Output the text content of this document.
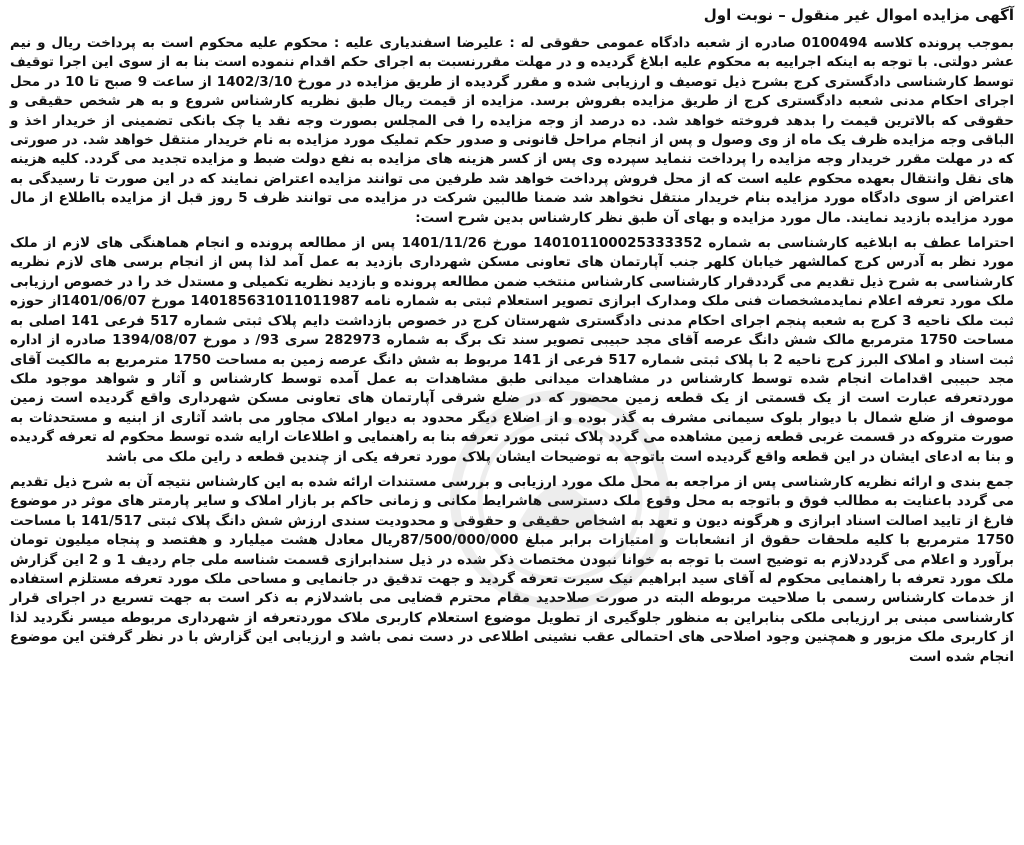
آگهی مزایده اموال غیر منقول – نوبت اول

بموجب پرونده کلاسه 0100494 صادره از شعبه دادگاه عمومی حقوقی له : علیرضا اسفندیاری علیه : محکوم علیه محکوم است به پرداخت ریال و نیم عشر دولتی. با توجه به اینکه اجراییه به محکوم علیه ابلاغ گردیده و در مهلت مقررنسبت به اجرای حکم اقدام ننموده است بنا به از سوی این اجرا توقیف توسط کارشناسی دادگستری کرج بشرح ذیل توصیف و ارزیابی شده و مقرر گردیده از طریق مزایده در مورخ 1402/3/10 از ساعت 9 صبح تا 10 در محل اجرای احکام مدنی شعبه دادگستری کرج از طریق مزایده بفروش برسد. مزایده از قیمت ریال طبق نظریه کارشناس شروع و به هر شخص حقیقی و حقوقی که بالاترین قیمت را بدهد فروخته خواهد شد. ده درصد از وجه مزایده را فی المجلس بصورت وجه نقد یا چک بانکی تضمینی از خریدار اخذ و الباقی وجه مزایده ظرف یک ماه از وی وصول و پس از انجام مراحل قانونی و صدور حکم تملیک مورد مزایده به نام خریدار منتقل خواهد شد. در صورتی که در مهلت مقرر خریدار وجه مزایده را پرداخت ننماید سپرده وی پس از کسر هزینه های مزایده به نفع دولت ضبط و مزایده تجدید می گردد. کلیه هزینه های نقل وانتقال بعهده محکوم علیه است که از محل فروش پرداخت خواهد شد طرفین می توانند مزایده اعتراض نمایند که در این صورت تا رسیدگی به اعتراض از سوی دادگاه مورد مزایده بنام خریدار منتقل نخواهد شد ضمنا طالبین شرکت در مزایده می توانند ظرف 5 روز قبل از مزایده بااطلاع از مال مورد مزایده بازدید نمایند. مال مورد مزایده و بهای آن طبق نظر کارشناس بدین شرح است:

احتراما عطف به ابلاغیه کارشناسی به شماره 140101100025333352 مورخ 1401/11/26 پس از مطالعه پرونده و انجام هماهنگی های لازم از ملک مورد نظر به آدرس کرج کمالشهر خیابان کلهر جنب آپارتمان های تعاونی مسکن شهرداری بازدید به عمل آمد لذا پس از انجام برسی های لازم نظریه کارشناسی به شرح ذیل تقدیم می گرددقرار کارشناسی کارشناس منتخب ضمن مطالعه پرونده و بازدید نظریه تکمیلی و مستدل خد را در خصوص ارزیابی ملک مورد تعرفه اعلام نمایدمشخصات فنی ملک ومدارک ابرازی تصویر استعلام ثبتی به شماره نامه 140185631011011987 مورخ 1401/06/07از حوزه ثبت ملک ناحیه 3 کرج به شعبه پنجم اجرای احکام مدنی دادگستری شهرستان کرج در خصوص بازداشت دایم پلاک ثبتی شماره 517 فرعی 141 اصلی به مساحت 1750 مترمربع مالک شش دانگ عرصه آقای مجد حبیبی تصویر سند تک برگ به شماره 282973 سری 93/ د مورخ 1394/08/07 صادره از اداره ثبت اسناد و املاک البرز کرج ناحیه 2 با پلاک ثبتی شماره 517 فرعی از 141 مربوط به شش دانگ عرصه زمین به مساحت 1750 مترمربع به مالکیت آقای مجد حبیبی اقدامات انجام شده توسط کارشناس در مشاهدات میدانی طبق مشاهدات به عمل آمده توسط کارشناس و آثار و شواهد موجود ملک موردتعرفه عبارت است از یک قسمتی از یک قطعه زمین محصور که در ضلع شرقی آپارتمان های تعاونی مسکن شهرداری واقع گردیده است زمین موصوف از ضلع شمال با دیوار بلوک سیمانی مشرف به گذر بوده و از اضلاع دیگر محدود به دیوار املاک مجاور می باشد آثاری از ابنیه و مستحدثات به صورت متروکه در قسمت غربی قطعه زمین مشاهده می گردد پلاک ثبتی مورد تعرفه بنا به راهنمایی و اطلاعات ارایه شده توسط محکوم له تعرفه گردیده و بنا به ادعای ایشان در این قطعه واقع گردیده است باتوجه به توضیحات ایشان پلاک مورد تعرفه یکی از چندین قطعه د راین ملک می باشد

جمع بندی و ارائه نظریه کارشناسی پس از مراجعه به محل ملک مورد ارزیابی و بررسی مستندات ارائه شده به این کارشناس نتیجه آن به شرح ذیل تقدیم می گردد باعنایت به مطالب فوق و باتوجه به محل وقوع ملک دسترسی هاشرایط مکانی و زمانی حاکم بر بازار املاک و سایر پارمتر های موثر در موضوع فارغ از تایید اصالت اسناد ابرازی و هرگونه دیون و تعهد به اشخاص حقیقی و حقوقی و محدودیت سندی ارزش شش دانگ پلاک ثبتی 141/517 با مساحت 1750 مترمربع با کلیه ملحقات حقوق از انشعابات و امتیازات برابر مبلغ 87/500/000/000ریال معادل هشت میلیارد و هفتصد و پنجاه میلیون تومان برآورد و اعلام می گرددلازم به توضیح است با توجه به خوانا نبودن مختصات ذکر شده در ذیل سندابرازی قسمت شناسه ملی جام ردیف 1 و 2 این گزارش ملک مورد تعرفه با راهنمایی محکوم له آقای سید ابراهیم نیک سیرت تعرفه گردید و جهت تدقیق در جانمایی و مساحی ملک مورد تعرفه مستلزم استفاده از خدمات کارشناس رسمی با صلاحیت مربوطه البته در صورت صلاحدید مقام محترم قضایی می باشدلازم به ذکر است به جهت تسریع در اجرای قرار کارشناسی مبنی بر ارزیابی ملکی بنابراین به منظور جلوگیری از تطویل موضوع استعلام کاربری ملاک موردتعرفه از شهرداری مربوطه میسر نگردید لذا از کاربری ملک مزبور و همچنین وجود اصلاحی های احتمالی عقب نشینی اطلاعی در دست نمی باشد و ارزیابی این گزارش با در نظر گرفتن این موضوع انجام شده است
